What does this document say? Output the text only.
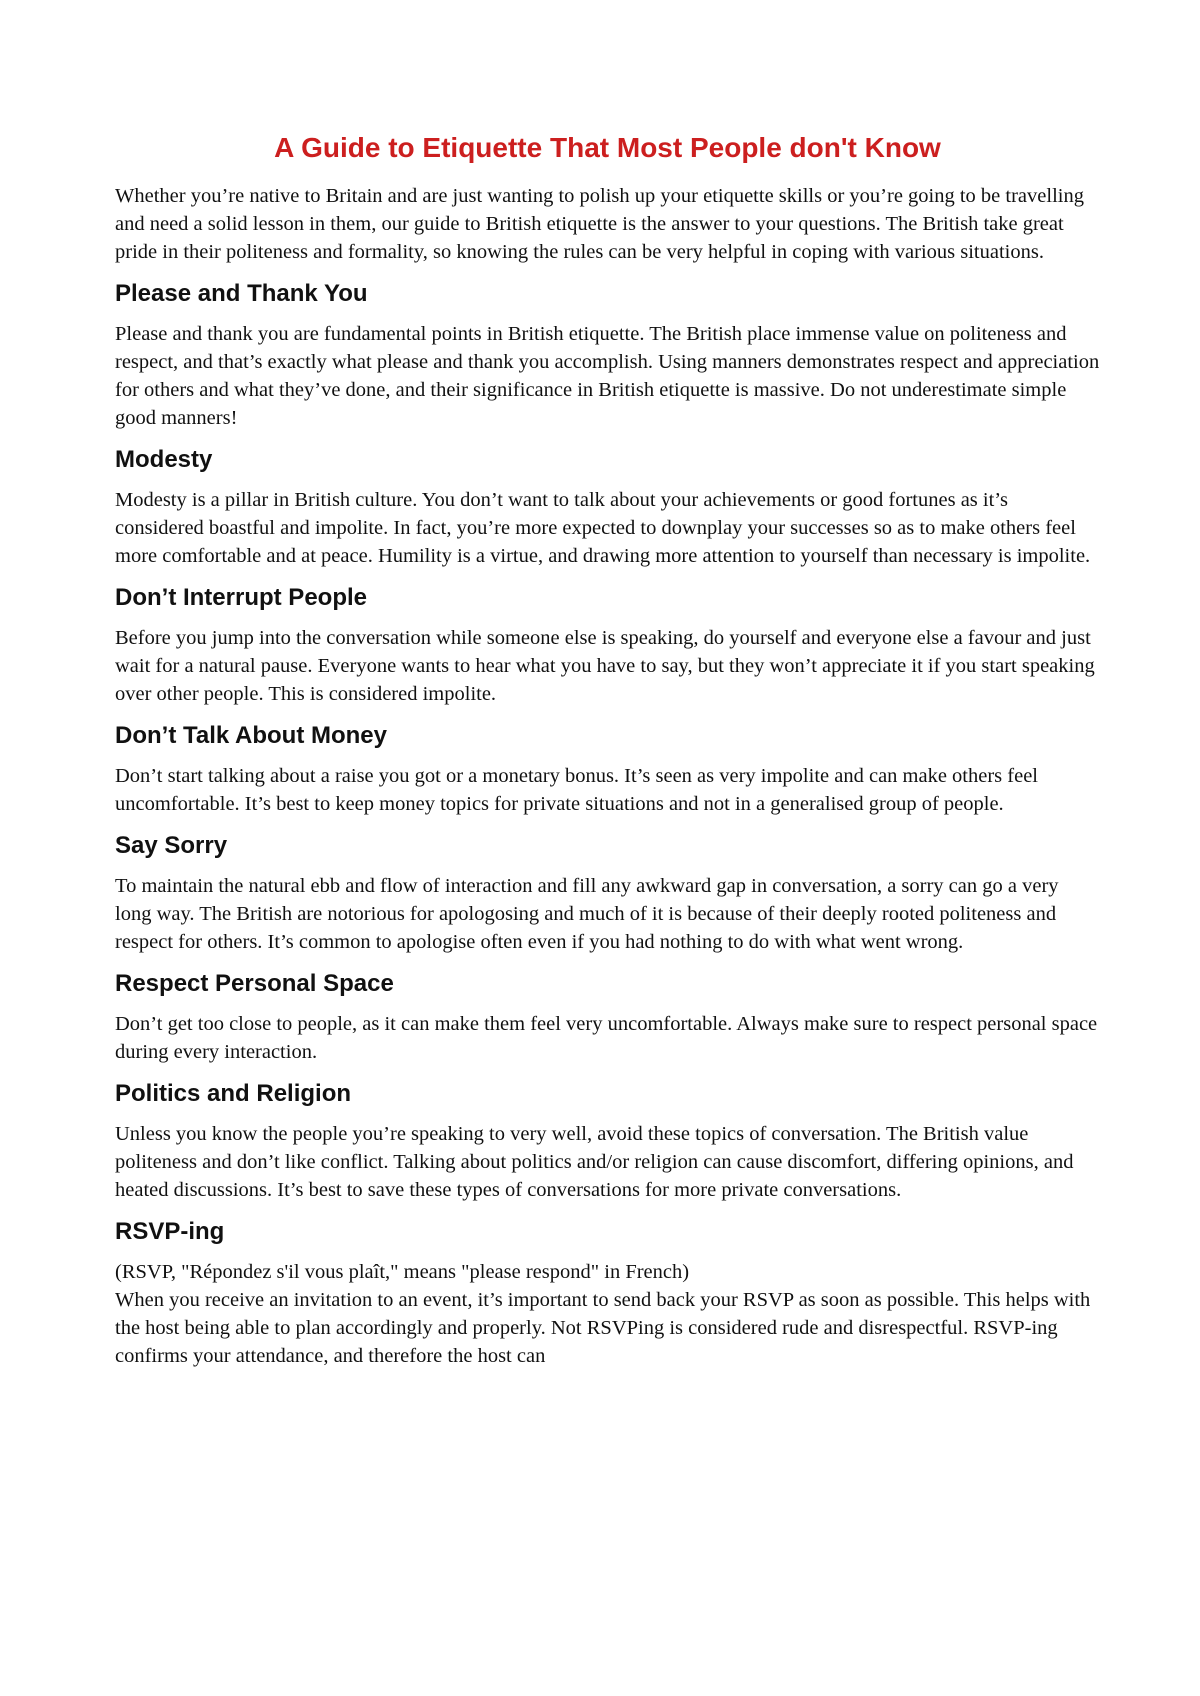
A Guide to Etiquette That Most People don't Know

Whether you’re native to Britain and are just wanting to polish up your etiquette skills or you’re going to be travelling and need a solid lesson in them, our guide to British etiquette is the answer to your questions. The British take great pride in their politeness and formality, so knowing the rules can be very helpful in coping with various situations.

Please and Thank You

Please and thank you are fundamental points in British etiquette. The British place immense value on politeness and respect, and that’s exactly what please and thank you accomplish. Using manners demonstrates respect and appreciation for others and what they’ve done, and their significance in British etiquette is massive. Do not underestimate simple good manners!

Modesty

Modesty is a pillar in British culture. You don’t want to talk about your achievements or good fortunes as it’s considered boastful and impolite. In fact, you’re more expected to downplay your successes so as to make others feel more comfortable and at peace. Humility is a virtue, and drawing more attention to yourself than necessary is impolite.

Don’t Interrupt People

Before you jump into the conversation while someone else is speaking, do yourself and everyone else a favour and just wait for a natural pause. Everyone wants to hear what you have to say, but they won’t appreciate it if you start speaking over other people. This is considered impolite.

Don’t Talk About Money

Don’t start talking about a raise you got or a monetary bonus. It’s seen as very impolite and can make others feel uncomfortable. It’s best to keep money topics for private situations and not in a generalised group of people.

Say Sorry

To maintain the natural ebb and flow of interaction and fill any awkward gap in conversation, a sorry can go a very long way. The British are notorious for apologosing and much of it is because of their deeply rooted politeness and respect for others. It’s common to apologise often even if you had nothing to do with what went wrong.

Respect Personal Space

Don’t get too close to people, as it can make them feel very uncomfortable. Always make sure to respect personal space during every interaction.

Politics and Religion

Unless you know the people you’re speaking to very well, avoid these topics of conversation. The British value politeness and don’t like conflict. Talking about politics and/or religion can cause discomfort, differing opinions, and heated discussions. It’s best to save these types of conversations for more private conversations.

RSVP-ing

(RSVP, "Répondez s'il vous plaît," means "please respond" in French)

When you receive an invitation to an event, it’s important to send back your RSVP as soon as possible. This helps with the host being able to plan accordingly and properly. Not RSVPing is considered rude and disrespectful. RSVP-ing confirms your attendance, and therefore the host can
